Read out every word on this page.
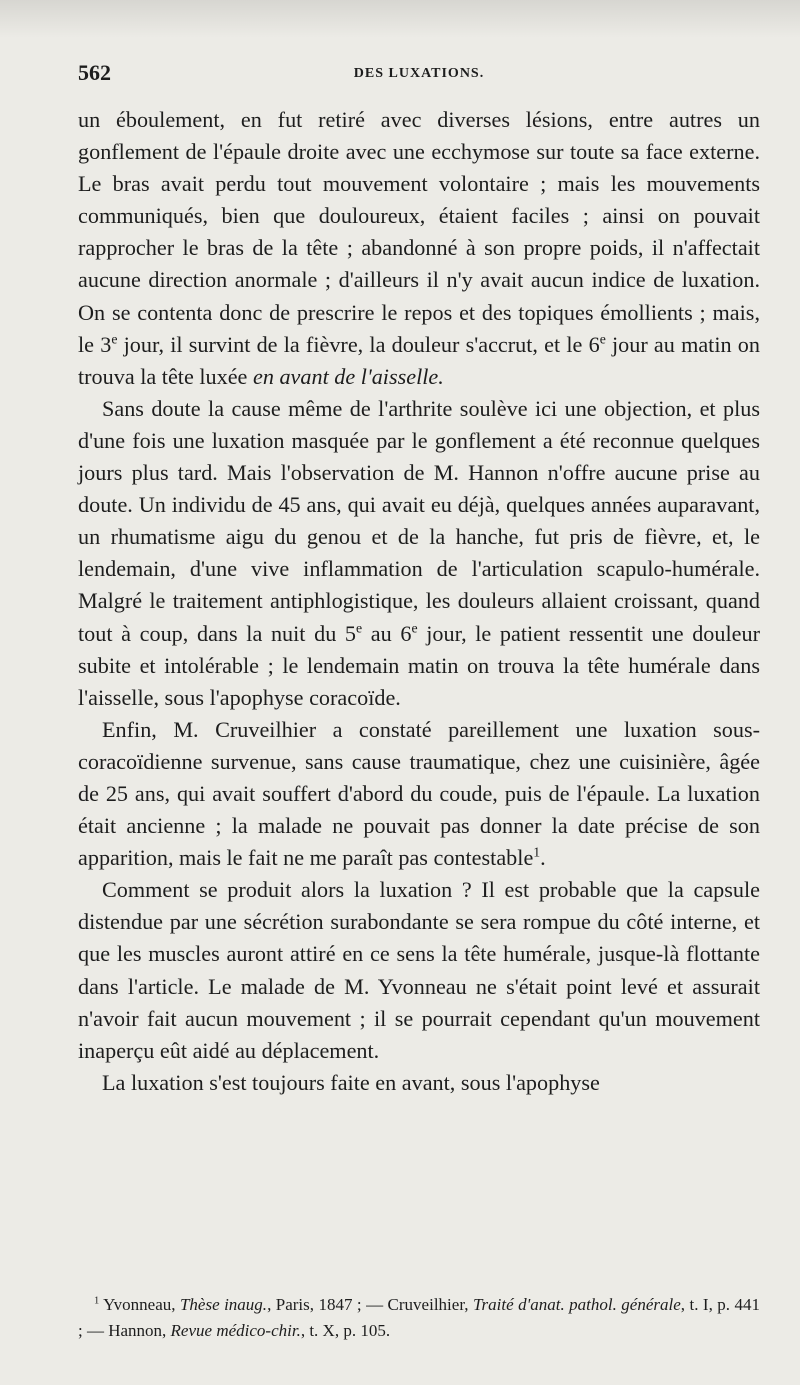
562	DES LUXATIONS.

un éboulement, en fut retiré avec diverses lésions, entre autres un gonflement de l'épaule droite avec une ecchymose sur toute sa face externe. Le bras avait perdu tout mouvement volontaire ; mais les mouvements communiqués, bien que douloureux, étaient faciles ; ainsi on pouvait rapprocher le bras de la tête ; abandonné à son propre poids, il n'affectait aucune direction anormale ; d'ailleurs il n'y avait aucun indice de luxation. On se contenta donc de prescrire le repos et des topiques émollients ; mais, le 3e jour, il survint de la fièvre, la douleur s'accrut, et le 6e jour au matin on trouva la tête luxée en avant de l'aisselle.

Sans doute la cause même de l'arthrite soulève ici une objection, et plus d'une fois une luxation masquée par le gonflement a été reconnue quelques jours plus tard. Mais l'observation de M. Hannon n'offre aucune prise au doute. Un individu de 45 ans, qui avait eu déjà, quelques années auparavant, un rhumatisme aigu du genou et de la hanche, fut pris de fièvre, et, le lendemain, d'une vive inflammation de l'articulation scapulo-humérale. Malgré le traitement antiphlogistique, les douleurs allaient croissant, quand tout à coup, dans la nuit du 5e au 6e jour, le patient ressentit une douleur subite et intolérable ; le lendemain matin on trouva la tête humérale dans l'aisselle, sous l'apophyse coracoïde.

Enfin, M. Cruveilhier a constaté pareillement une luxation sous-coracoïdienne survenue, sans cause traumatique, chez une cuisinière, âgée de 25 ans, qui avait souffert d'abord du coude, puis de l'épaule. La luxation était ancienne ; la malade ne pouvait pas donner la date précise de son apparition, mais le fait ne me paraît pas contestable$^1$.

Comment se produit alors la luxation ? Il est probable que la capsule distendue par une sécrétion surabondante se sera rompue du côté interne, et que les muscles auront attiré en ce sens la tête humérale, jusque-là flottante dans l'article. Le malade de M. Yvonneau ne s'était point levé et assurait n'avoir fait aucun mouvement ; il se pourrait cependant qu'un mouvement inaperçu eût aidé au déplacement.

La luxation s'est toujours faite en avant, sous l'apophyse

$^1$ Yvonneau, Thèse inaug., Paris, 1847 ; — Cruveilhier, Traité d'anat. pathol. générale, t. I, p. 441 ; — Hannon, Revue médico-chir., t. X, p. 105.
